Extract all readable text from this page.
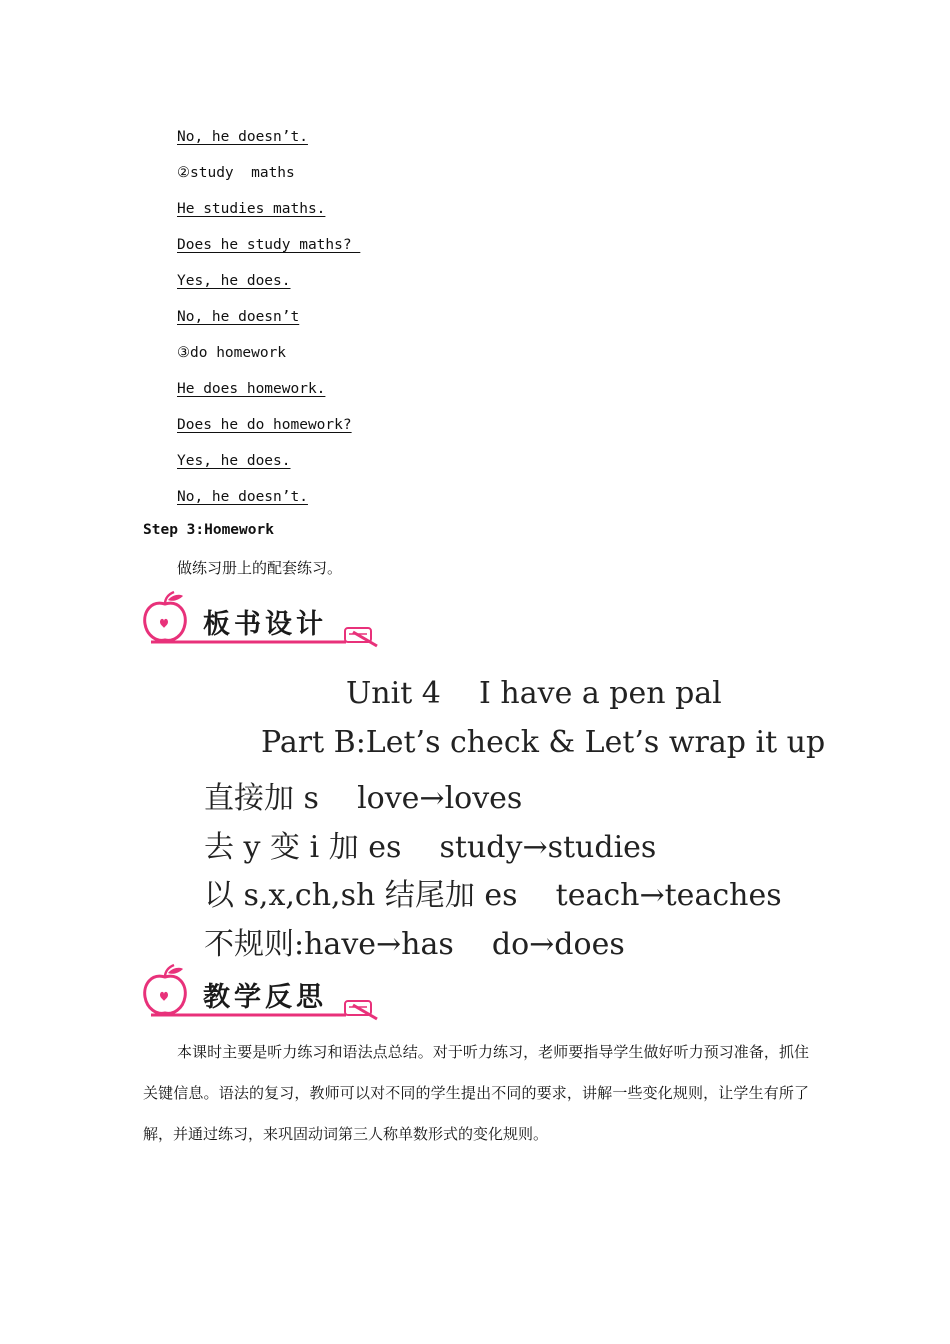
No, he doesn’t.
②study  maths
He studies maths.
Does he study maths?
Yes, he does.
No, he doesn’t
③do homework
He does homework.
Does he do homework?
Yes, he does.
No, he doesn’t.
Step 3:Homework
做练习册上的配套练习。
板书设计
Unit 4    I have a pen pal
Part B:Let’s check & Let’s wrap it up
直接加 s    love→loves
去 y 变 i 加 es    study→studies
以 s,x,ch,sh 结尾加 es    teach→teaches
不规则:have→has    do→does
教学反思
本课时主要是听力练习和语法点总结。对于听力练习，老师要指导学生做好听力预习准备，抓住关键信息。语法的复习，教师可以对不同的学生提出不同的要求，讲解一些变化规则，让学生有所了解，并通过练习，来巩固动词第三人称单数形式的变化规则。
